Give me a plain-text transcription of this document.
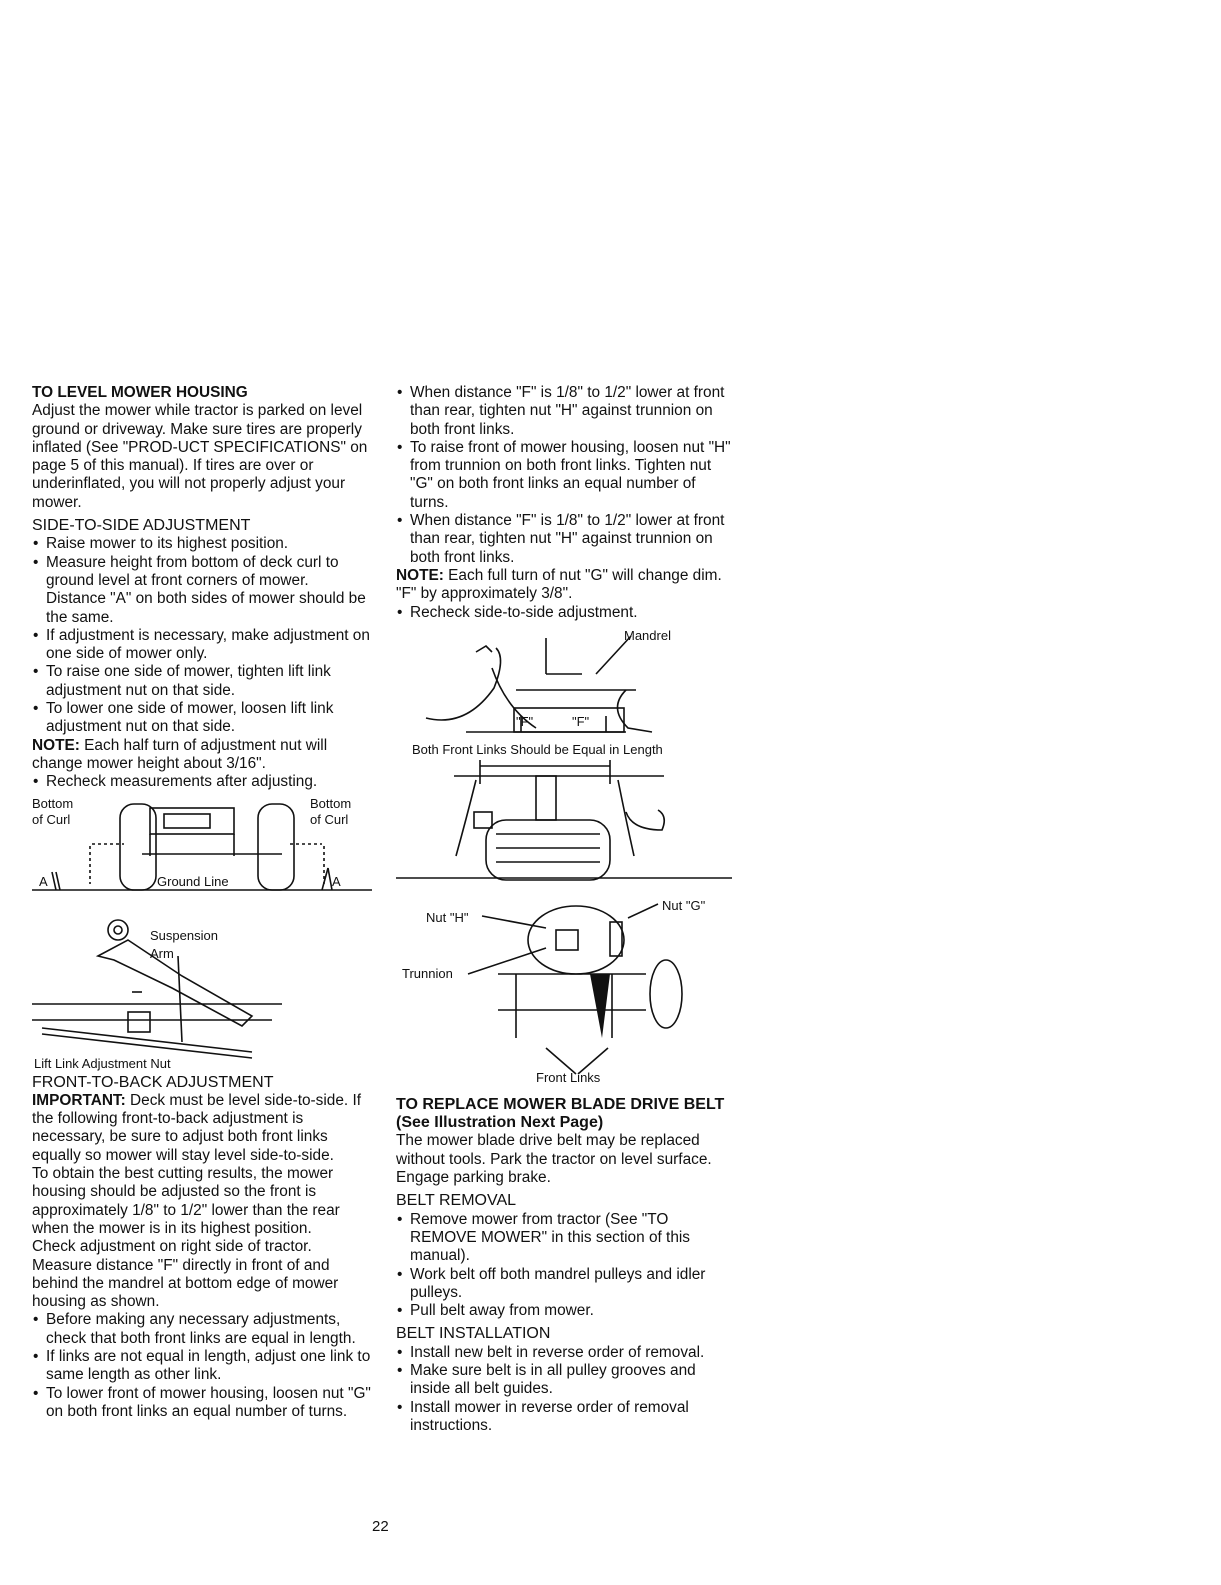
TO LEVEL MOWER HOUSING

Adjust the mower while tractor is parked on level ground or driveway. Make sure tires are properly inflated (See "PROD-UCT SPECIFICATIONS" on page 5 of this manual). If tires are over or underinflated, you will not properly adjust your mower.

SIDE-TO-SIDE ADJUSTMENT

• Raise mower to its highest position.
• Measure height from bottom of deck curl to ground level at front corners of mower. Distance "A" on both sides of mower should be the same.
• If adjustment is necessary, make adjustment on one side of mower only.
• To raise one side of mower, tighten lift link adjustment nut on that side.
• To lower one side of mower, loosen lift link adjustment nut on that side.

NOTE: Each half turn of adjustment nut will change mower height about 3/16".

• Recheck measurements after adjusting.
Bottom
of Curl
Bottom
of Curl
Ground Line
A	A
Suspension
Arm
Lift Link Adjustment Nut

FRONT-TO-BACK ADJUSTMENT

IMPORTANT: Deck must be level side-to-side. If the following front-to-back adjustment is necessary, be sure to adjust both front links equally so mower will stay level side-to-side.

To obtain the best cutting results, the mower housing should be adjusted so the front is approximately 1/8" to 1/2" lower than the rear when the mower is in its highest position.

Check adjustment on right side of tractor. Measure distance "F" directly in front of and behind the mandrel at bottom edge of mower housing as shown.

• Before making any necessary adjustments, check that both front links are equal in length.
• If links are not equal in length, adjust one link to same length as other link.
• To lower front of mower housing, loosen nut "G" on both front links an equal number of turns.
• When distance "F" is 1/8" to 1/2" lower at front than rear, tighten nut "H" against trunnion on both front links.
• To raise front of mower housing, loosen nut "H" from trunnion on both front links. Tighten nut "G" on both front links an equal number of turns.
• When distance "F" is 1/8" to 1/2" lower at front than rear, tighten nut "H" against trunnion on both front links.

NOTE: Each full turn of nut "G" will change dim. "F" by approximately 3/8".

• Recheck side-to-side adjustment.
Mandrel
"F"	"F"
Both Front Links Should be Equal in Length
Nut "H"
Nut "G"
Trunnion
Front Links

TO REPLACE MOWER BLADE DRIVE BELT (See Illustration Next Page)

The mower blade drive belt may be replaced without tools. Park the tractor on level surface. Engage parking brake.

BELT REMOVAL

• Remove mower from tractor (See "TO REMOVE MOWER" in this section of this manual).
• Work belt off both mandrel pulleys and idler pulleys.
• Pull belt away from mower.

BELT INSTALLATION

• Install new belt in reverse order of removal.
• Make sure belt is in all pulley grooves and inside all belt guides.
• Install mower in reverse order of removal instructions.
22
